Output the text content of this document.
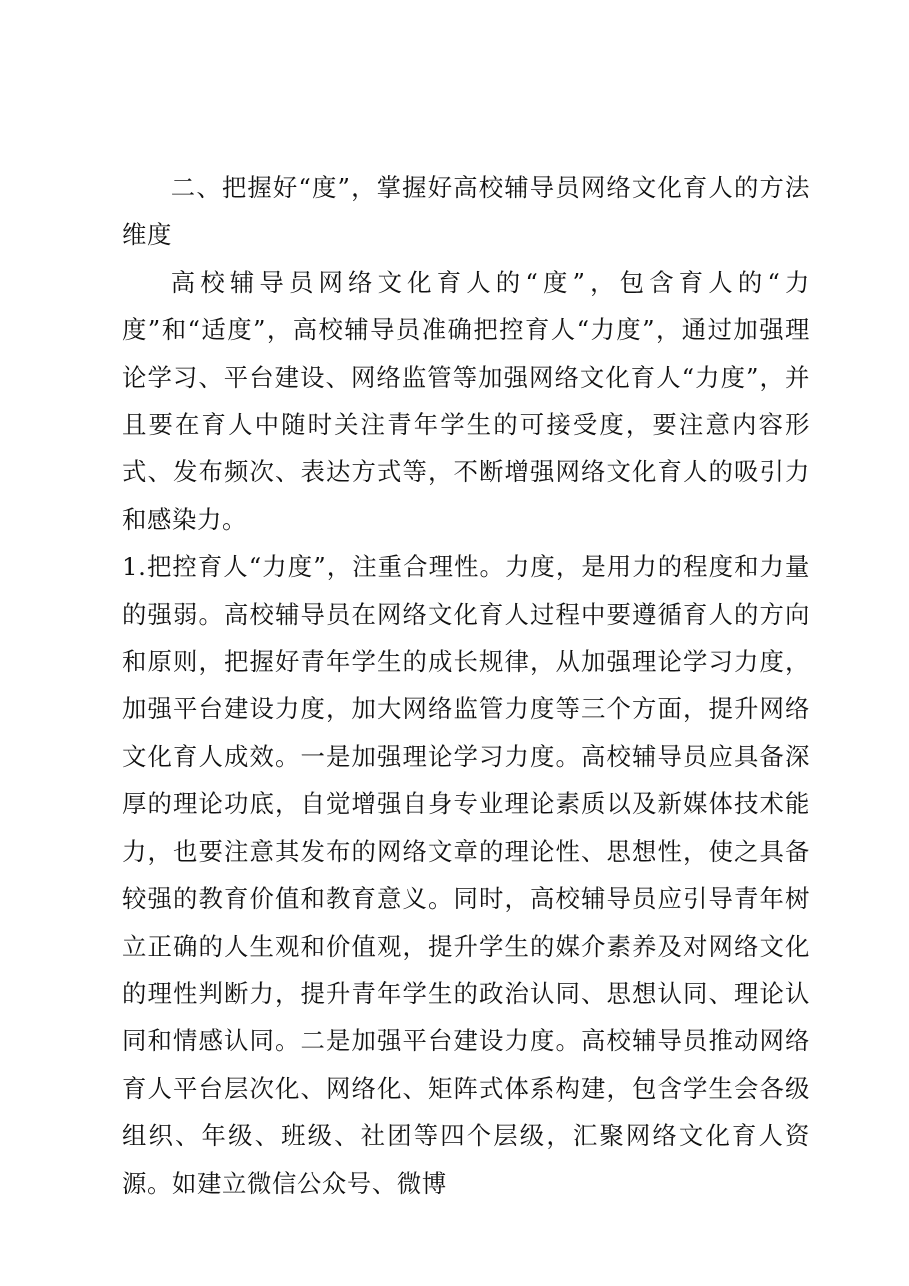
二、把握好“度”，掌握好高校辅导员网络文化育人的方法维度

高校辅导员网络文化育人的“度”，包含育人的“力度”和“适度”，高校辅导员准确把控育人“力度”，通过加强理论学习、平台建设、网络监管等加强网络文化育人“力度”，并且要在育人中随时关注青年学生的可接受度，要注意内容形式、发布频次、表达方式等，不断增强网络文化育人的吸引力和感染力。

1.把控育人“力度”，注重合理性。力度，是用力的程度和力量的强弱。高校辅导员在网络文化育人过程中要遵循育人的方向和原则，把握好青年学生的成长规律，从加强理论学习力度，加强平台建设力度，加大网络监管力度等三个方面，提升网络文化育人成效。一是加强理论学习力度。高校辅导员应具备深厚的理论功底，自觉增强自身专业理论素质以及新媒体技术能力，也要注意其发布的网络文章的理论性、思想性，使之具备较强的教育价值和教育意义。同时，高校辅导员应引导青年树立正确的人生观和价值观，提升学生的媒介素养及对网络文化的理性判断力，提升青年学生的政治认同、思想认同、理论认同和情感认同。二是加强平台建设力度。高校辅导员推动网络育人平台层次化、网络化、矩阵式体系构建，包含学生会各级组织、年级、班级、社团等四个层级，汇聚网络文化育人资源。如建立微信公众号、微博
